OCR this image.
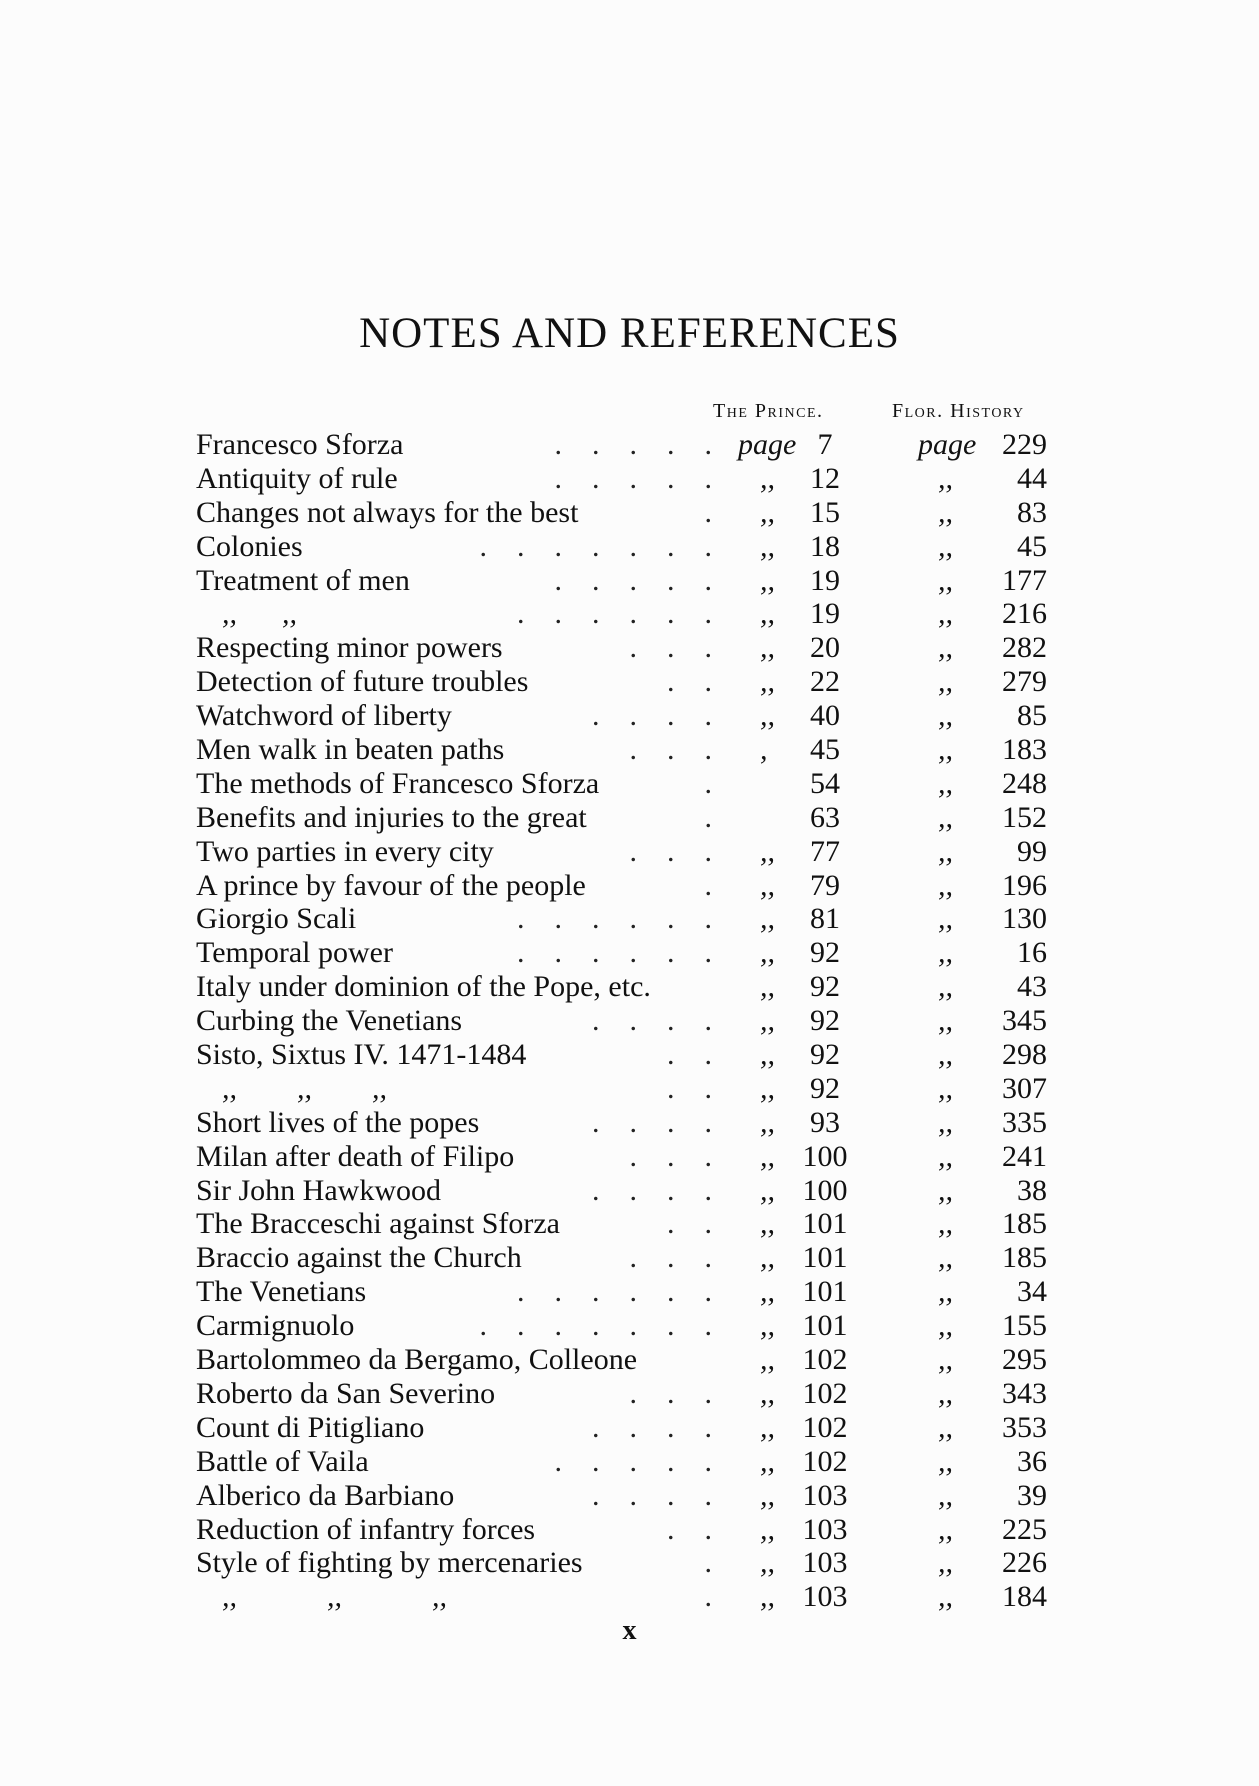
NOTES AND REFERENCES
The Prince.	Flor. History
Francesco Sforza	.    .    .    .    . page 7	page 229
Antiquity of rule	.    .    .    .    . ,,	12	,,	44
Changes not always for the best	. ,,	15	,,	83
Colonies	.    .    .    .    .    .    . ,,	18	,,	45
Treatment of men	.    .    .    .    . ,,	19	,,	177
,,      ,,	.    .    .    .    .    . ,,	19	,,	216
Respecting minor powers	.    .    . ,,	20	,,	282
Detection of future troubles	.    . ,,	22	,,	279
Watchword of liberty	.    .    .    . ,,	40	,,	85
Men walk in beaten paths	.    .    . ,	45	,,	183
The methods of Francesco Sforza	.	54	,,	248
Benefits and injuries to the great	.	63	,,	152
Two parties in every city	.    .    . ,,	77	,,	99
A prince by favour of the people	. ,,	79	,,	196
Giorgio Scali	.    .    .    .    .    . ,,	81	,,	130
Temporal power	.    .    .    .    .    . ,,	92	,,	16
Italy under dominion of the Pope, etc.	,,	92	,,	43
Curbing the Venetians	.    .    .    . ,,	92	,,	345
Sisto, Sixtus IV. 1471-1484	.    . ,,	92	,,	298
,,        ,,        ,,	.    . ,,	92	,,	307
Short lives of the popes	.    .    .    . ,,	93	,,	335
Milan after death of Filipo	.    .    . ,, 100	,,	241
Sir John Hawkwood	.    .    .    . ,, 100	,,	38
The Bracceschi against Sforza	.    . ,, 101	,,	185
Braccio against the Church	.    .    . ,, 101	,,	185
The Venetians	.    .    .    .    .    . ,, 101	,,	34
Carmignuolo	.    .    .    .    .    .    . ,, 101	,,	155
Bartolommeo da Bergamo, Colleone	,, 102	,,	295
Roberto da San Severino	.    .    . ,, 102	,,	343
Count di Pitigliano	.    .    .    . ,, 102	,,	353
Battle of Vaila	.    .    .    .    . ,, 102	,,	36
Alberico da Barbiano	.    .    .    . ,, 103	,,	39
Reduction of infantry forces	.    . ,, 103	,,	225
Style of fighting by mercenaries	. ,, 103	,,	226
,,            ,,            ,,	. ,, 103	,,	184
x
